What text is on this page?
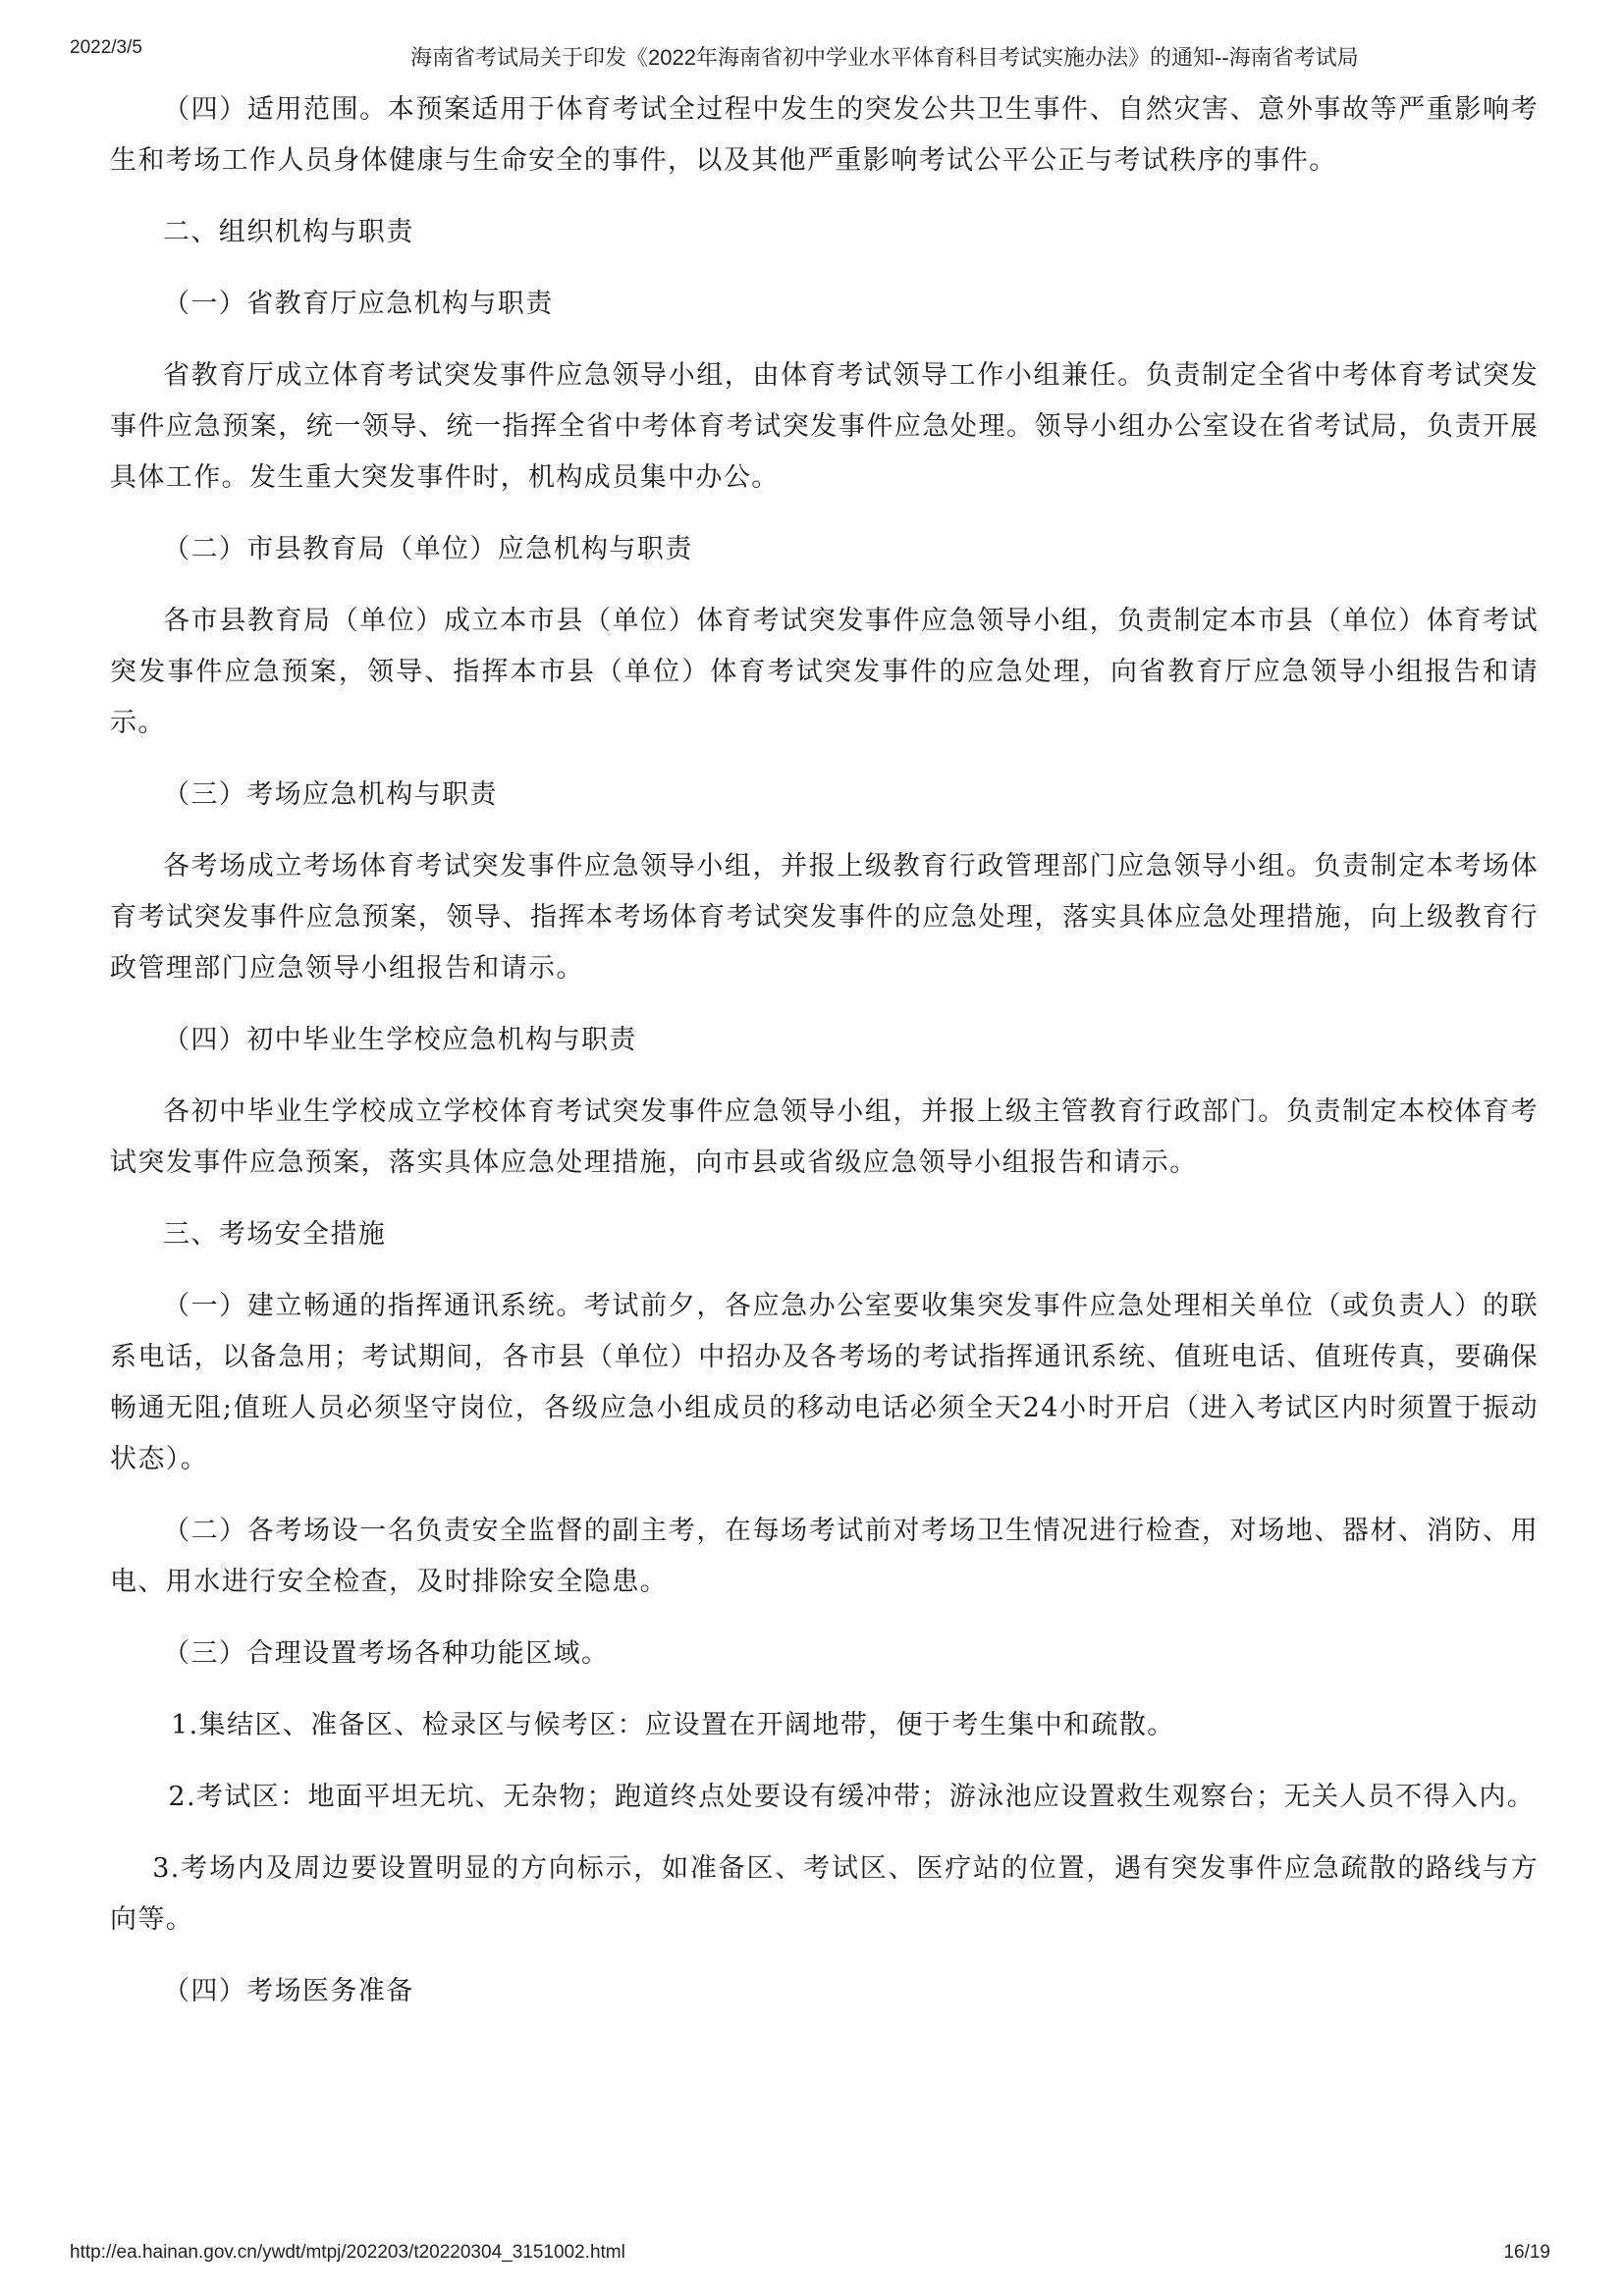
2022/3/5	海南省考试局关于印发《2022年海南省初中学业水平体育科目考试实施办法》的通知--海南省考试局

（四）适用范围。本预案适用于体育考试全过程中发生的突发公共卫生事件、自然灾害、意外事故等严重影响考生和考场工作人员身体健康与生命安全的事件，以及其他严重影响考试公平公正与考试秩序的事件。

二、组织机构与职责

（一）省教育厅应急机构与职责

省教育厅成立体育考试突发事件应急领导小组，由体育考试领导工作小组兼任。负责制定全省中考体育考试突发事件应急预案，统一领导、统一指挥全省中考体育考试突发事件应急处理。领导小组办公室设在省考试局，负责开展具体工作。发生重大突发事件时，机构成员集中办公。

（二）市县教育局（单位）应急机构与职责

各市县教育局（单位）成立本市县（单位）体育考试突发事件应急领导小组，负责制定本市县（单位）体育考试突发事件应急预案，领导、指挥本市县（单位）体育考试突发事件的应急处理，向省教育厅应急领导小组报告和请示。

（三）考场应急机构与职责

各考场成立考场体育考试突发事件应急领导小组，并报上级教育行政管理部门应急领导小组。负责制定本考场体育考试突发事件应急预案，领导、指挥本考场体育考试突发事件的应急处理，落实具体应急处理措施，向上级教育行政管理部门应急领导小组报告和请示。

（四）初中毕业生学校应急机构与职责

各初中毕业生学校成立学校体育考试突发事件应急领导小组，并报上级主管教育行政部门。负责制定本校体育考试突发事件应急预案，落实具体应急处理措施，向市县或省级应急领导小组报告和请示。

三、考场安全措施

（一）建立畅通的指挥通讯系统。考试前夕，各应急办公室要收集突发事件应急处理相关单位（或负责人）的联系电话，以备急用；考试期间，各市县（单位）中招办及各考场的考试指挥通讯系统、值班电话、值班传真，要确保畅通无阻;值班人员必须坚守岗位，各级应急小组成员的移动电话必须全天24小时开启（进入考试区内时须置于振动状态）。

（二）各考场设一名负责安全监督的副主考，在每场考试前对考场卫生情况进行检查，对场地、器材、消防、用电、用水进行安全检查，及时排除安全隐患。

（三）合理设置考场各种功能区域。

1.集结区、准备区、检录区与候考区：应设置在开阔地带，便于考生集中和疏散。

2.考试区：地面平坦无坑、无杂物；跑道终点处要设有缓冲带；游泳池应设置救生观察台；无关人员不得入内。

3.考场内及周边要设置明显的方向标示，如准备区、考试区、医疗站的位置，遇有突发事件应急疏散的路线与方向等。

（四）考场医务准备

http://ea.hainan.gov.cn/ywdt/mtpj/202203/t20220304_3151002.html	16/19
